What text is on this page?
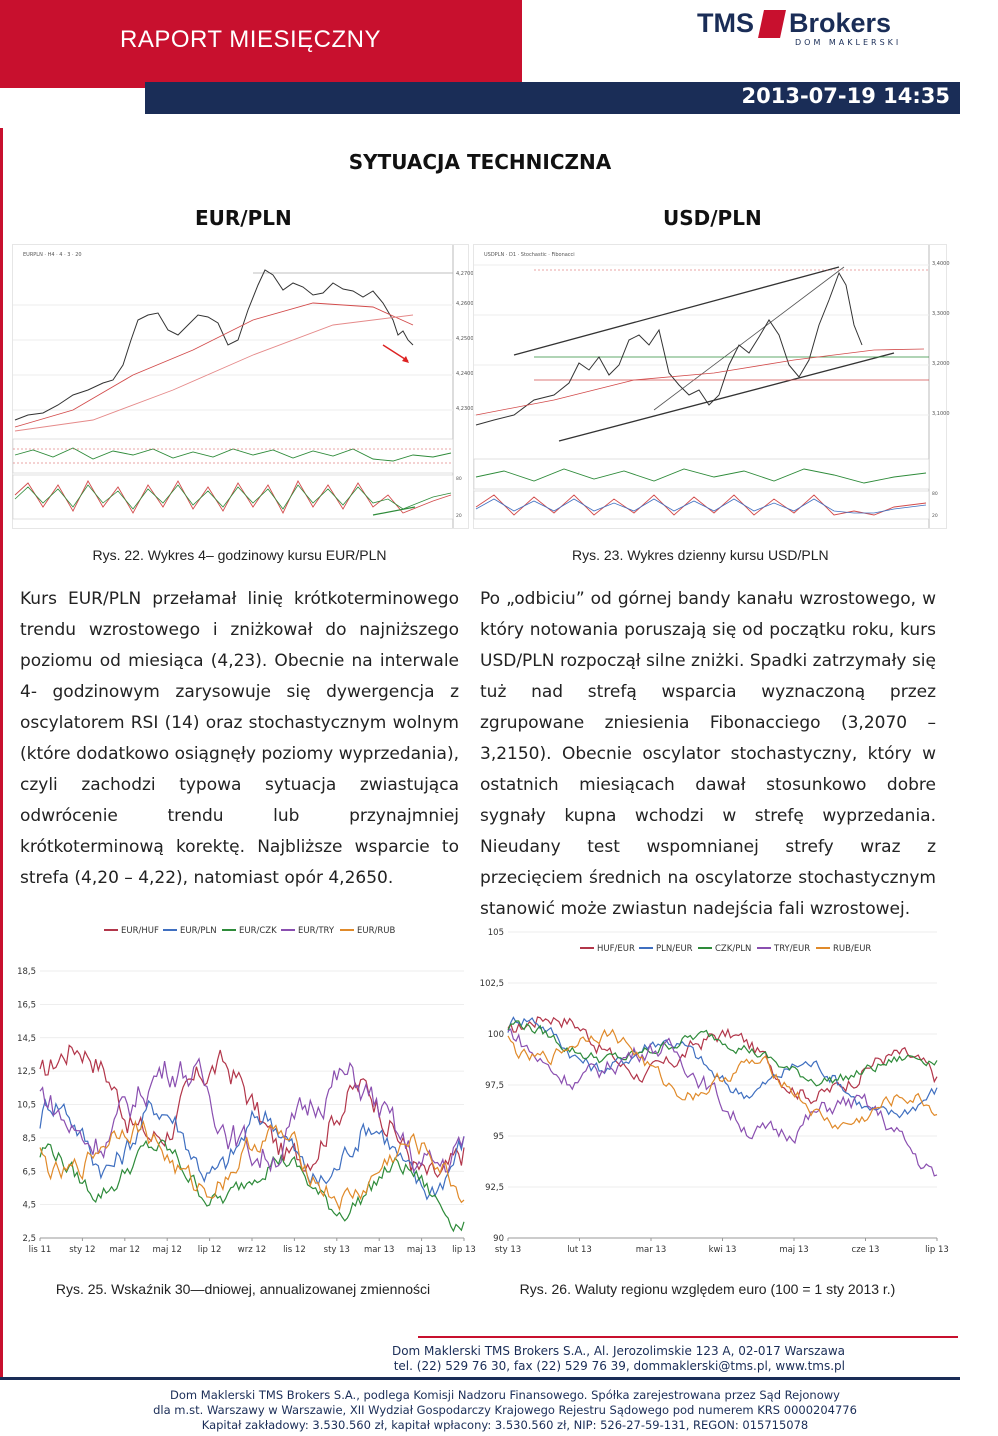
RAPORT MIESIĘCZNY
2013-07-19 14:35
TMS Brokers
DOM MAKLERSKI
SYTUACJA TECHNICZNA
EUR/PLN	USD/PLN
EURPLN · H4 · 4 · 3 · 20
4,2700
4,2600
4,2500
4,2400
4,2300
80
20
USDPLN · D1 · Stochastic · Fibonacci
3,4000
3,3000
3,2000
3,1000
80
20
Rys. 22. Wykres 4– godzinowy kursu EUR/PLN	Rys. 23. Wykres dzienny kursu USD/PLN
Kurs EUR/PLN przełamał linię krótkoterminowego trendu wzrostowego i zniżkował do najniższego poziomu od miesiąca (4,23). Obecnie na interwale 4- godzinowym zarysowuje się dywergencja z oscylatorem RSI (14) oraz stochastycznym wolnym (które dodatkowo osiągnęły poziomy wyprzedania), czyli zachodzi typowa sytuacja zwiastująca odwrócenie trendu lub przynajmniej krótkoterminową korektę. Najbliższe wsparcie to strefa (4,20 – 4,22), natomiast opór 4,2650.
Po „odbiciu” od górnej bandy kanału wzrostowego, w który notowania poruszają się od początku roku, kurs USD/PLN rozpoczął silne zniżki. Spadki zatrzymały się tuż nad strefą wsparcia wyznaczoną przez zgrupowane zniesienia Fibonacciego (3,2070 – 3,2150). Obecnie oscylator stochastyczny, który w ostatnich miesiącach dawał stosunkowo dobre sygnały kupna wchodzi w strefę wyprzedania. Nieudany test wspomnianej strefy wraz z przecięciem średnich na oscylatorze stochastycznym stanowić może zwiastun nadejścia fali wzrostowej.
EUR/HUF EUR/PLN	EUR/CZK	EUR/TRY	EUR/RUB
2,5
4,5
6,5
8,5
10,5
12,5
14,5
16,5
18,5
lis 11 sty 12 mar 12 maj 12 lip 12 wrz 12 lis 12 sty 13 mar 13 maj 13 lip 13
HUF/EUR PLN/EUR	CZK/PLN	TRY/EUR	RUB/EUR
90
92,5
95
97,5
100
102,5
105
sty 13	lut 13	mar 13	kwi 13	maj 13	cze 13	lip 13
Rys. 25. Wskaźnik 30—dniowej, annualizowanej zmienności	Rys. 26. Waluty regionu względem euro (100 = 1 sty 2013 r.)
Dom Maklerski TMS Brokers S.A., Al. Jerozolimskie 123 A, 02-017 Warszawa
tel. (22) 529 76 30, fax (22) 529 76 39, dommaklerski@tms.pl, www.tms.pl
Dom Maklerski TMS Brokers S.A., podlega Komisji Nadzoru Finansowego. Spółka zarejestrowana przez Sąd Rejonowy
dla m.st. Warszawy w Warszawie, XII Wydział Gospodarczy Krajowego Rejestru Sądowego pod numerem KRS 0000204776
Kapitał zakładowy: 3.530.560 zł, kapitał wpłacony: 3.530.560 zł, NIP: 526-27-59-131, REGON: 015715078
